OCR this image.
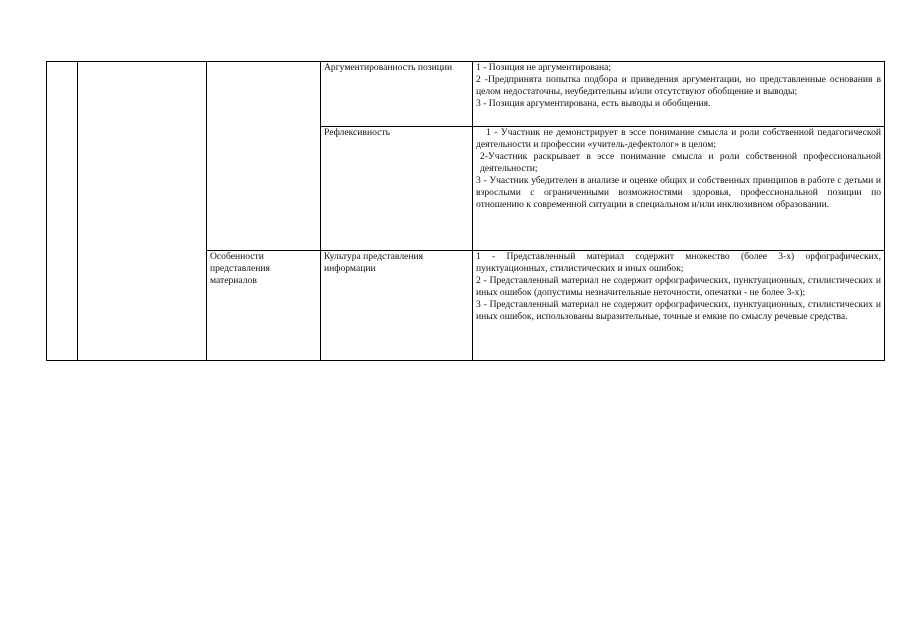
			Аргументированность позиции	1 - Позиция не аргументирована;
2 -Предпринята попытка подбора и приведения аргументации, но представленные основания в целом недостаточны, неубедительны и/или отсутствуют обобщение и выводы;
3 - Позиция аргументирована, есть выводы и обобщения.

			Рефлексивность	1 - Участник не демонстрирует в эссе понимание смысла и роли собственной педагогической деятельности и профессии «учитель-дефектолог» в целом;
2-Участник раскрывает в эссе понимание смысла и роли собственной профессиональной деятельности;
3 - Участник убедителен в анализе и оценке общих и собственных принципов в работе с детьми и взрослыми с ограниченными возможностями здоровья, профессиональной позиции по отношению к современной ситуации в специальном и/или инклюзивном образовании.

		Особенности представления материалов	Культура представления информации	1 - Представленный материал содержит множество (более 3-х) орфографических, пунктуационных, стилистических и иных ошибок;
2 - Представленный материал не содержит орфографических, пунктуационных, стилистических и иных ошибок (допустимы незначительные неточности, опечатки - не более 3-х);
3 - Представленный материал не содержит орфографических, пунктуационных, стилистических и иных ошибок, использованы выразительные, точные и емкие по смыслу речевые средства.
